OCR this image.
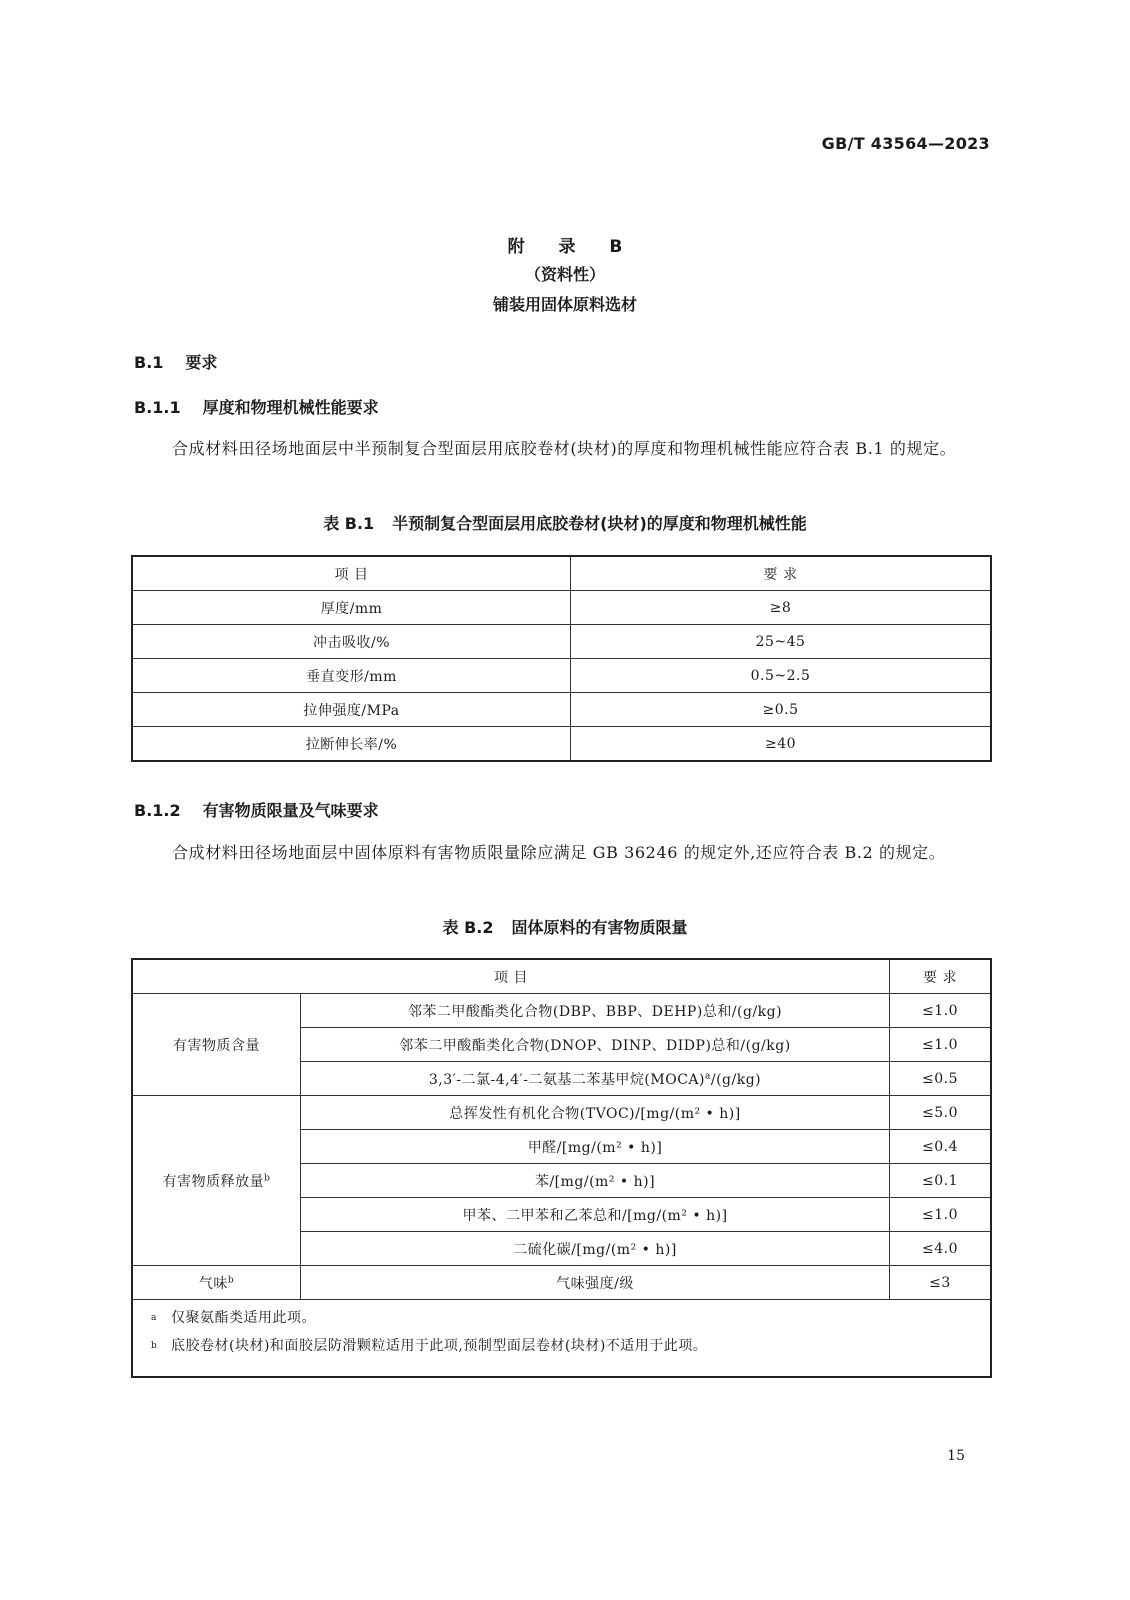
GB/T 43564—2023
附 录 B
（资料性）
铺装用固体原料选材
B.1 要求
B.1.1 厚度和物理机械性能要求
合成材料田径场地面层中半预制复合型面层用底胶卷材(块材)的厚度和物理机械性能应符合表 B.1 的规定。
表 B.1 半预制复合型面层用底胶卷材(块材)的厚度和物理机械性能
项 目	要 求
厚度/mm	≥8
冲击吸收/%	25~45
垂直变形/mm	0.5~2.5
拉伸强度/MPa	≥0.5
拉断伸长率/%	≥40
B.1.2 有害物质限量及气味要求
合成材料田径场地面层中固体原料有害物质限量除应满足 GB 36246 的规定外,还应符合表 B.2 的规定。
表 B.2 固体原料的有害物质限量
项 目		要 求
有害物质含量	邻苯二甲酸酯类化合物(DBP、BBP、DEHP)总和/(g/kg)	≤1.0
	邻苯二甲酸酯类化合物(DNOP、DINP、DIDP)总和/(g/kg)	≤1.0
	3,3′-二氯-4,4′-二氨基二苯基甲烷(MOCA)$^a$/(g/kg)	≤0.5
有害物质释放量$^b$	总挥发性有机化合物(TVOC)/[mg/(m² • h)]	≤5.0
	甲醛/[mg/(m² • h)]	≤0.4
	苯/[mg/(m² • h)]	≤0.1
	甲苯、二甲苯和乙苯总和/[mg/(m² • h)]	≤1.0
	二硫化碳/[mg/(m² • h)]	≤4.0
气味$^b$	气味强度/级	≤3

a 仅聚氨酯类适用此项。
b 底胶卷材(块材)和面胶层防滑颗粒适用于此项,预制型面层卷材(块材)不适用于此项。		
15
